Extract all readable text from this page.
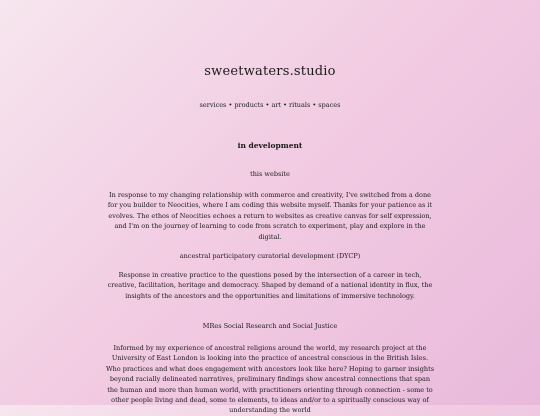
sweetwaters.studio
services • products • art • rituals • spaces
in development
this website
In response to my changing relationship with commerce and creativity, I've switched from a done for you builder to Neocities, where I am coding this website myself. Thanks for your patience as it evolves. The ethos of Neocities echoes a return to websites as creative canvas for self expression, and I'm on the journey of learning to code from scratch to experiment, play and explore in the digital.
ancestral participatory curatorial development (DYCP)
Response in creative practice to the questions posed by the intersection of a career in tech, creative, facilitation, heritage and democracy. Shaped by demand of a national identity in flux, the insights of the ancestors and the opportunities and limitations of immersive technology.
MRes Social Research and Social Justice
Informed by my experience of ancestral religions around the world, my research project at the University of East London is looking into the practice of ancestral conscious in the British Isles. Who practices and what does engagement with ancestors look like here? Hoping to garner insights beyond racially delineated narratives, preliminary findings show ancestral connections that span the human and more than human world, with practitioners orienting through connection - some to other people living and dead, some to elements, to ideas and/or to a spiritually conscious way of understanding the world
